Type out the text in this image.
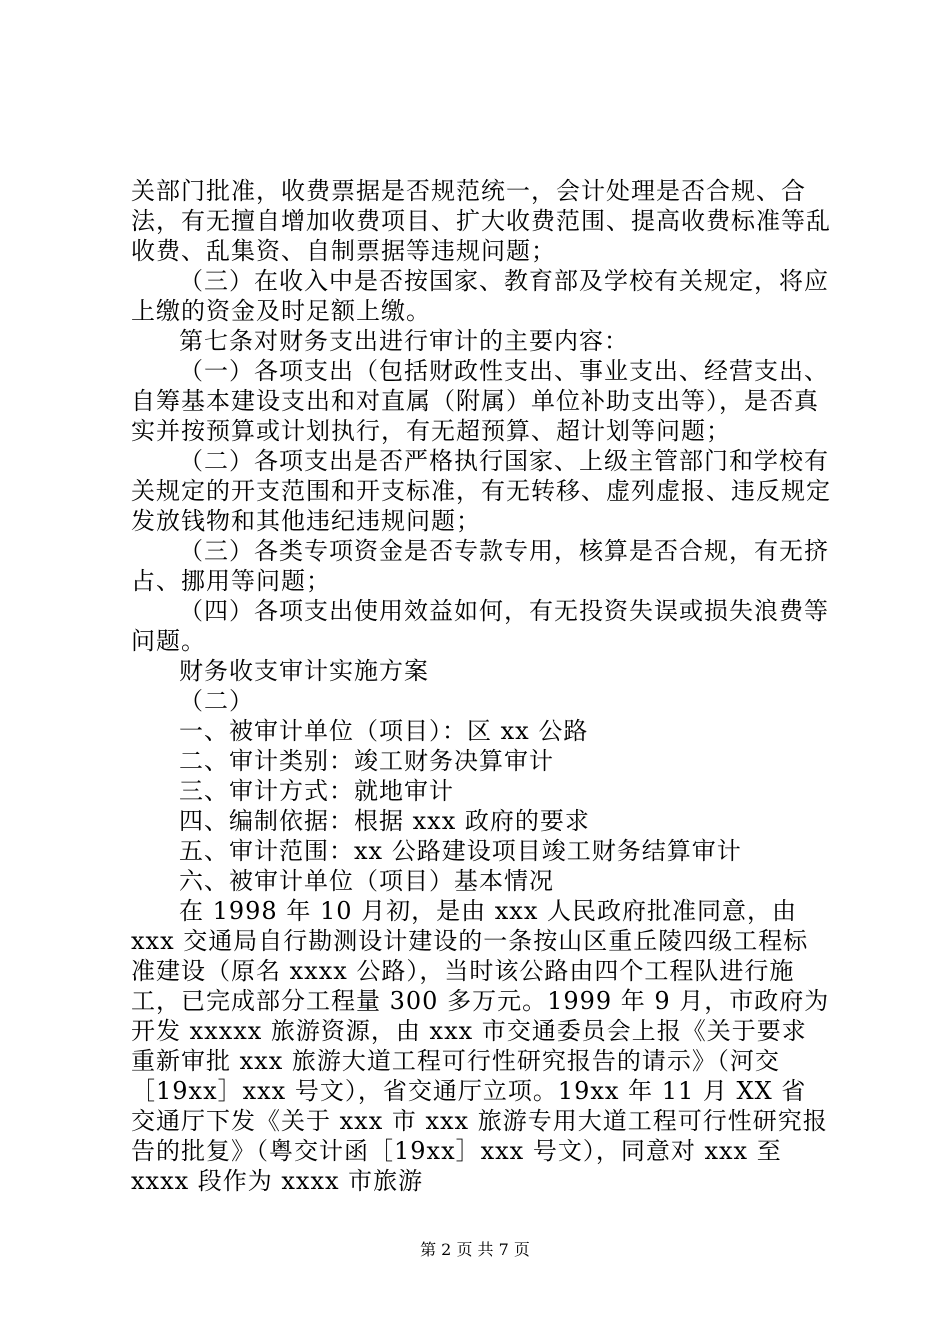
关部门批准，收费票据是否规范统一，会计处理是否合规、合法，有无擅自增加收费项目、扩大收费范围、提高收费标准等乱收费、乱集资、自制票据等违规问题；

（三）在收入中是否按国家、教育部及学校有关规定，将应上缴的资金及时足额上缴。

第七条对财务支出进行审计的主要内容：

（一）各项支出（包括财政性支出、事业支出、经营支出、自筹基本建设支出和对直属（附属）单位补助支出等），是否真实并按预算或计划执行，有无超预算、超计划等问题；

（二）各项支出是否严格执行国家、上级主管部门和学校有关规定的开支范围和开支标准，有无转移、虚列虚报、违反规定发放钱物和其他违纪违规问题；

（三）各类专项资金是否专款专用，核算是否合规，有无挤占、挪用等问题；

（四）各项支出使用效益如何，有无投资失误或损失浪费等问题。

财务收支审计实施方案

（二）

一、被审计单位（项目）：区 xx 公路

二、审计类别：竣工财务决算审计

三、审计方式：就地审计

四、编制依据：根据 xxx 政府的要求

五、审计范围：xx 公路建设项目竣工财务结算审计

六、被审计单位（项目）基本情况

在 1998 年 10 月初，是由 xxx 人民政府批准同意，由 xxx 交通局自行勘测设计建设的一条按山区重丘陵四级工程标准建设（原名 xxxx 公路），当时该公路由四个工程队进行施工，已完成部分工程量 300 多万元。1999 年 9 月，市政府为开发 xxxxx 旅游资源，由 xxx 市交通委员会上报《关于要求重新审批 xxx 旅游大道工程可行性研究报告的请示》（河交［19xx］xxx 号文），省交通厅立项。19xx 年 11 月 XX 省交通厅下发《关于 xxx 市 xxx 旅游专用大道工程可行性研究报告的批复》（粤交计函［19xx］xxx 号文），同意对 xxx 至 xxxx 段作为 xxxx 市旅游

第 2 页 共 7 页
